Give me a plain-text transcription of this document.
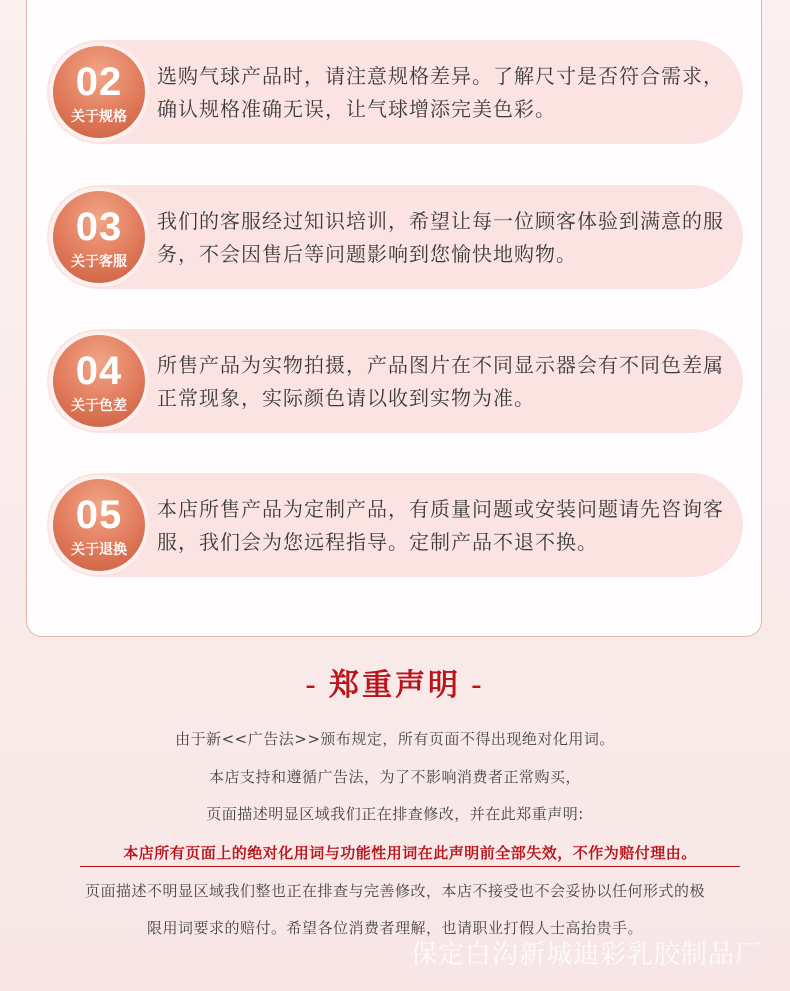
02
关于规格
选购气球产品时，请注意规格差异。了解尺寸是否符合需求，确认规格准确无误，让气球增添完美色彩。
03
关于客服
我们的客服经过知识培训，希望让每一位顾客体验到满意的服务，不会因售后等问题影响到您愉快地购物。
04
关于色差
所售产品为实物拍摄，产品图片在不同显示器会有不同色差属正常现象，实际颜色请以收到实物为准。
05
关于退换
本店所售产品为定制产品，有质量问题或安装问题请先咨询客服，我们会为您远程指导。定制产品不退不换。
- 郑重声明 -
由于新<<广告法>>颁布规定，所有页面不得出现绝对化用词。
本店支持和遵循广告法，为了不影响消费者正常购买，
页面描述明显区域我们正在排查修改，并在此郑重声明:
本店所有页面上的绝对化用词与功能性用词在此声明前全部失效，不作为赔付理由。
页面描述不明显区域我们整也正在排查与完善修改，本店不接受也不会妥协以任何形式的极
限用词要求的赔付。希望各位消费者理解，也请职业打假人士高抬贵手。
保定白沟新城迪彩乳胶制品厂
